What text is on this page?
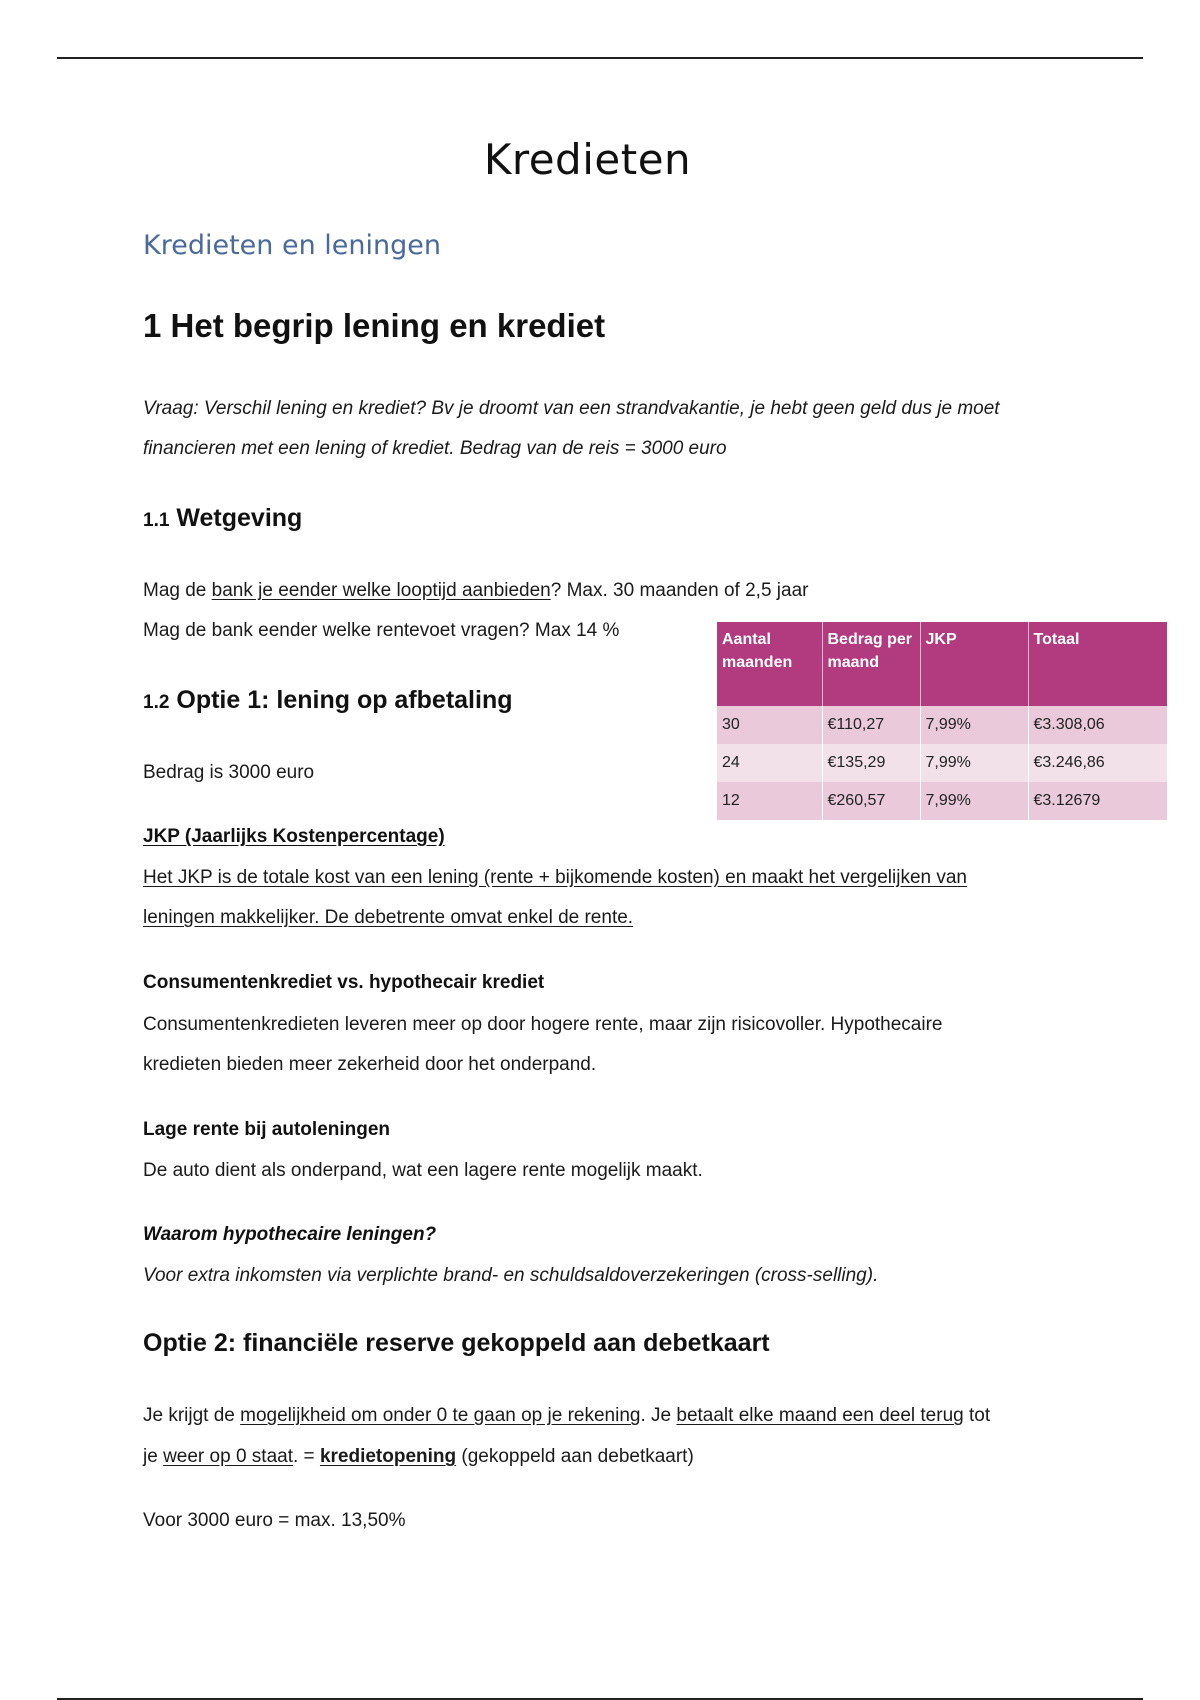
Kredieten
Kredieten en leningen
1 Het begrip lening en krediet
Vraag: Verschil lening en krediet? Bv je droomt van een strandvakantie, je hebt geen geld dus je moet
financieren met een lening of krediet. Bedrag van de reis = 3000 euro
1.1 Wetgeving
Mag de bank je eender welke looptijd aanbieden? Max. 30 maanden of 2,5 jaar
Mag de bank eender welke rentevoet vragen? Max 14 %
1.2 Optie 1: lening op afbetaling
Bedrag is 3000 euro
Aantal maanden	Bedrag per maand	JKP	Totaal
30	€110,27	7,99%	€3.308,06
24	€135,29	7,99%	€3.246,86
12	€260,57	7,99%	€3.12679
JKP (Jaarlijks Kostenpercentage)
Het JKP is de totale kost van een lening (rente + bijkomende kosten) en maakt het vergelijken van
leningen makkelijker. De debetrente omvat enkel de rente.
Consumentenkrediet vs. hypothecair krediet
Consumentenkredieten leveren meer op door hogere rente, maar zijn risicovoller. Hypothecaire
kredieten bieden meer zekerheid door het onderpand.
Lage rente bij autoleningen
De auto dient als onderpand, wat een lagere rente mogelijk maakt.
Waarom hypothecaire leningen?
Voor extra inkomsten via verplichte brand- en schuldsaldoverzekeringen (cross-selling).
Optie 2: financiële reserve gekoppeld aan debetkaart
Je krijgt de mogelijkheid om onder 0 te gaan op je rekening. Je betaalt elke maand een deel terug tot
je weer op 0 staat. = kredietopening (gekoppeld aan debetkaart)
Voor 3000 euro = max. 13,50%
